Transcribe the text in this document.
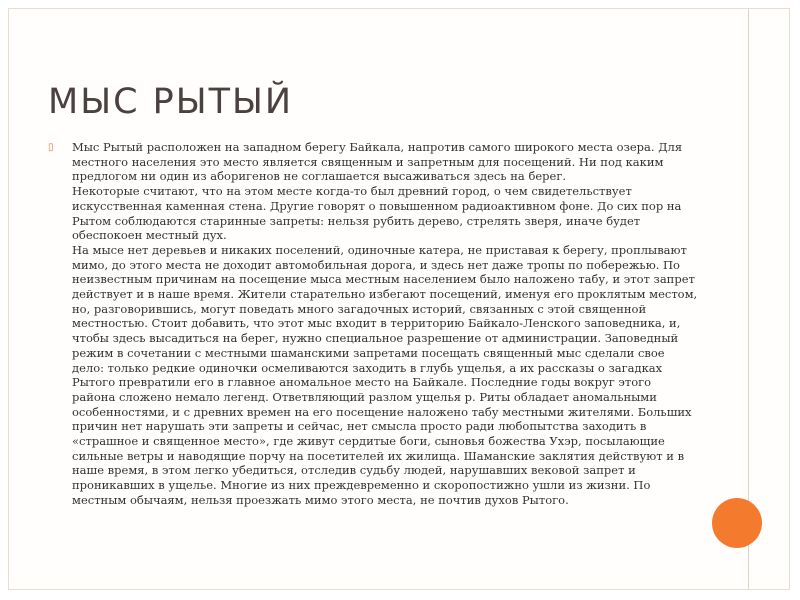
МЫС РЫТЫЙ
▯	Мыс Рытый расположен на западном берегу Байкала, напротив самого широкого места озера. Для местного населения это место является священным и запретным для посещений. Ни под каким предлогом ни один из аборигенов не соглашается высаживаться здесь на берег.
Некоторые считают, что на этом месте когда-то был древний город, о чем свидетельствует искусственная каменная стена. Другие говорят о повышенном радиоактивном фоне. До сих пор на Рытом соблюдаются старинные запреты: нельзя рубить дерево, стрелять зверя, иначе будет обеспокоен местный дух.
На мысе нет деревьев и никаких поселений, одиночные катера, не приставая к берегу, проплывают мимо, до этого места не доходит автомобильная дорога, и здесь нет даже тропы по побережью. По неизвестным причинам на посещение мыса местным населением было наложено табу, и этот запрет действует и в наше время. Жители старательно избегают посещений, именуя его проклятым местом, но, разговорившись, могут поведать много загадочных историй, связанных с этой священной местностью. Стоит добавить, что этот мыс входит в территорию Байкало-Ленского заповедника, и, чтобы здесь высадиться на берег, нужно специальное разрешение от администрации. Заповедный режим в сочетании с местными шаманскими запретами посещать священный мыс сделали свое дело: только редкие одиночки осмеливаются заходить в глубь ущелья, а их рассказы о загадках Рытого превратили его в главное аномальное место на Байкале. Последние годы вокруг этого района сложено немало легенд. Ответвляющий разлом ущелья р. Риты обладает аномальными особенностями, и с древних времен на его посещение наложено табу местными жителями. Больших причин нет нарушать эти запреты и сейчас, нет смысла просто ради любопытства заходить в «страшное и священное место», где живут сердитые боги, сыновья божества Ухэр, посылающие сильные ветры и наводящие порчу на посетителей их жилища. Шаманские заклятия действуют и в наше время, в этом легко убедиться, отследив судьбу людей, нарушавших вековой запрет и проникавших в ущелье. Многие из них преждевременно и скоропостижно ушли из жизни. По местным обычаям, нельзя проезжать мимо этого места, не почтив духов Рытого.
